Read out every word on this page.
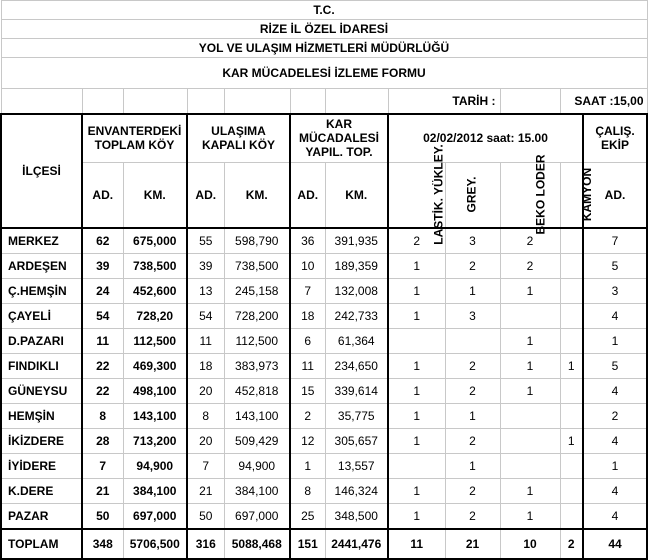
T.C.											
RİZE İL ÖZEL İDARESİ											
YOL VE ULAŞIM HİZMETLERİ MÜDÜRLÜĞÜ											
KAR MÜCADELESİ İZLEME FORMU											
							TARİH :			SAAT :15,00	
İLÇESİ	ENVANTERDEKİ TOPLAM KÖY		ULAŞIMA KAPALI KÖY		KAR MÜCADALESİ YAPIL. TOP.		02/02/2012 saat: 15.00				ÇALIŞ. EKİP
	AD.	KM.	AD.	KM.	AD.	KM.	LASTİK. YÜKLEY.	GREY.	BEKO LODER	KAMYON	AD.

MERKEZ	62	675,000	55	598,790	36	391,935	2	3	2		7
ARDEŞEN	39	738,500	39	738,500	10	189,359	1	2	2		5
Ç.HEMŞİN	24	452,600	13	245,158	7	132,008	1	1	1		3
ÇAYELİ	54	728,20	54	728,200	18	242,733	1	3			4
D.PAZARI	11	112,500	11	112,500	6	61,364			1		1
FINDIKLI	22	469,300	18	383,973	11	234,650	1	2	1	1	5
GÜNEYSU	22	498,100	20	452,818	15	339,614	1	2	1		4
HEMŞİN	8	143,100	8	143,100	2	35,775	1	1			2
İKİZDERE	28	713,200	20	509,429	12	305,657	1	2		1	4
İYİDERE	7	94,900	7	94,900	1	13,557		1			1
K.DERE	21	384,100	21	384,100	8	146,324	1	2	1		4
PAZAR	50	697,000	50	697,000	25	348,500	1	2	1		4
TOPLAM	348	5706,500	316	5088,468	151	2441,476	11	21	10	2	44
